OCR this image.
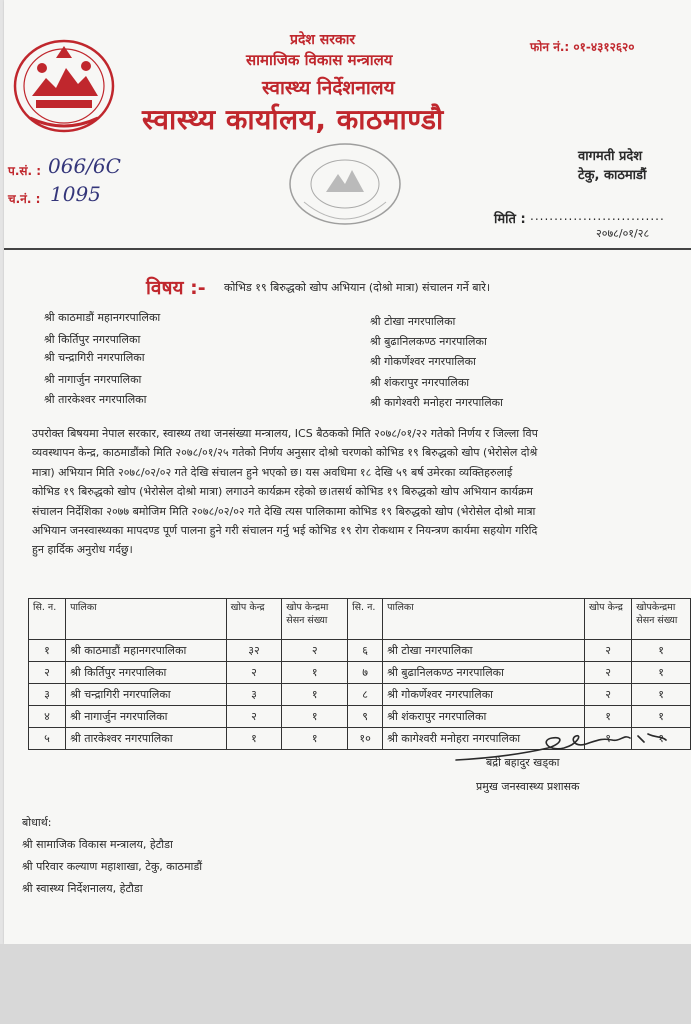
प्रदेश सरकार
सामाजिक विकास मन्त्रालय
स्वास्थ्य निर्देशनालय
स्वास्थ्य कार्यालय, काठमाण्डौ
फोन नं.: ०१-४३१२६२०
प.सं. : 066/6C
च.नं. : 1095
वागमती प्रदेश
टेकु, काठमाडौं
मिति : ............................
२०७८/०१/२८
विषय :- कोभिड १९ बिरुद्धको खोप अभियान (दोश्रो मात्रा) संचालन गर्ने बारे।
श्री काठमाडौं महानगरपालिका
श्री किर्तिपुर नगरपालिका
श्री चन्द्रागिरी नगरपालिका
श्री नागार्जुन नगरपालिका
श्री तारकेश्वर नगरपालिका
श्री टोखा नगरपालिका
श्री बुढानिलकण्ठ नगरपालिका
श्री गोकर्णेश्वर नगरपालिका
श्री शंकरापुर नगरपालिका
श्री कागेश्वरी मनोहरा नगरपालिका
उपरोक्त बिषयमा नेपाल सरकार, स्वास्थ्य तथा जनसंख्या मन्त्रालय, ICS बैठकको मिति २०७८/०१/२२ गतेको निर्णय र जिल्ला विप
व्यवस्थापन केन्द्र, काठमाडौंको मिति २०७८/०१/२५ गतेको निर्णय अनुसार दोश्रो चरणको कोभिड १९ बिरुद्धको खोप (भेरोसेल दोश्रे
मात्रा) अभियान मिति २०७८/०२/०२ गते देखि संचालन हुने भएको छ। यस अवधिमा १८ देखि ५९ बर्ष उमेरका व्यक्तिहरुलाई
कोभिड १९ बिरुद्धको खोप (भेरोसेल दोश्रो मात्रा) लगाउने कार्यक्रम रहेको छ।तसर्थ कोभिड १९ बिरुद्धको खोप अभियान कार्यक्रम
संचालन निर्देशिका २०७७ बमोजिम मिति २०७८/०२/०२ गते देखि त्यस पालिकामा कोभिड १९ बिरुद्धको खोप (भेरोसेल दोश्रो मात्रा
अभियान जनस्वास्थ्यका मापदण्ड पूर्ण पालना हुने गरी संचालन गर्नु भई कोभिड १९ रोग रोकथाम र नियन्त्रण कार्यमा सहयोग गरिदि
हुन हार्दिक अनुरोध गर्दछु।
सि. न.	पालिका	खोप केन्द्र	खोप केन्द्रमा सेसन संख्या	सि. न.	पालिका	खोप केन्द्र	खोपकेन्द्रमा सेसन संख्या
१	श्री काठमाडौं महानगरपालिका	३२	२	६	श्री टोखा नगरपालिका	२	१
२	श्री किर्तिपुर नगरपालिका	२	१	७	श्री बुढानिलकण्ठ नगरपालिका	२	१
३	श्री चन्द्रागिरी नगरपालिका	३	१	८	श्री गोकर्णेश्वर नगरपालिका	२	१
४	श्री नागार्जुन नगरपालिका	२	१	९	श्री शंकरापुर नगरपालिका	१	१
५	श्री तारकेश्वर नगरपालिका	१	१	१०	श्री कागेश्वरी मनोहरा नगरपालिका	१	१
बद्री बहादुर खड्का
प्रमुख जनस्वास्थ्य प्रशासक
बोधार्थ:
श्री सामाजिक विकास मन्त्रालय, हेटौडा
श्री परिवार कल्याण महाशाखा, टेकु, काठमाडौं
श्री स्वास्थ्य निर्देशनालय, हेटौडा
